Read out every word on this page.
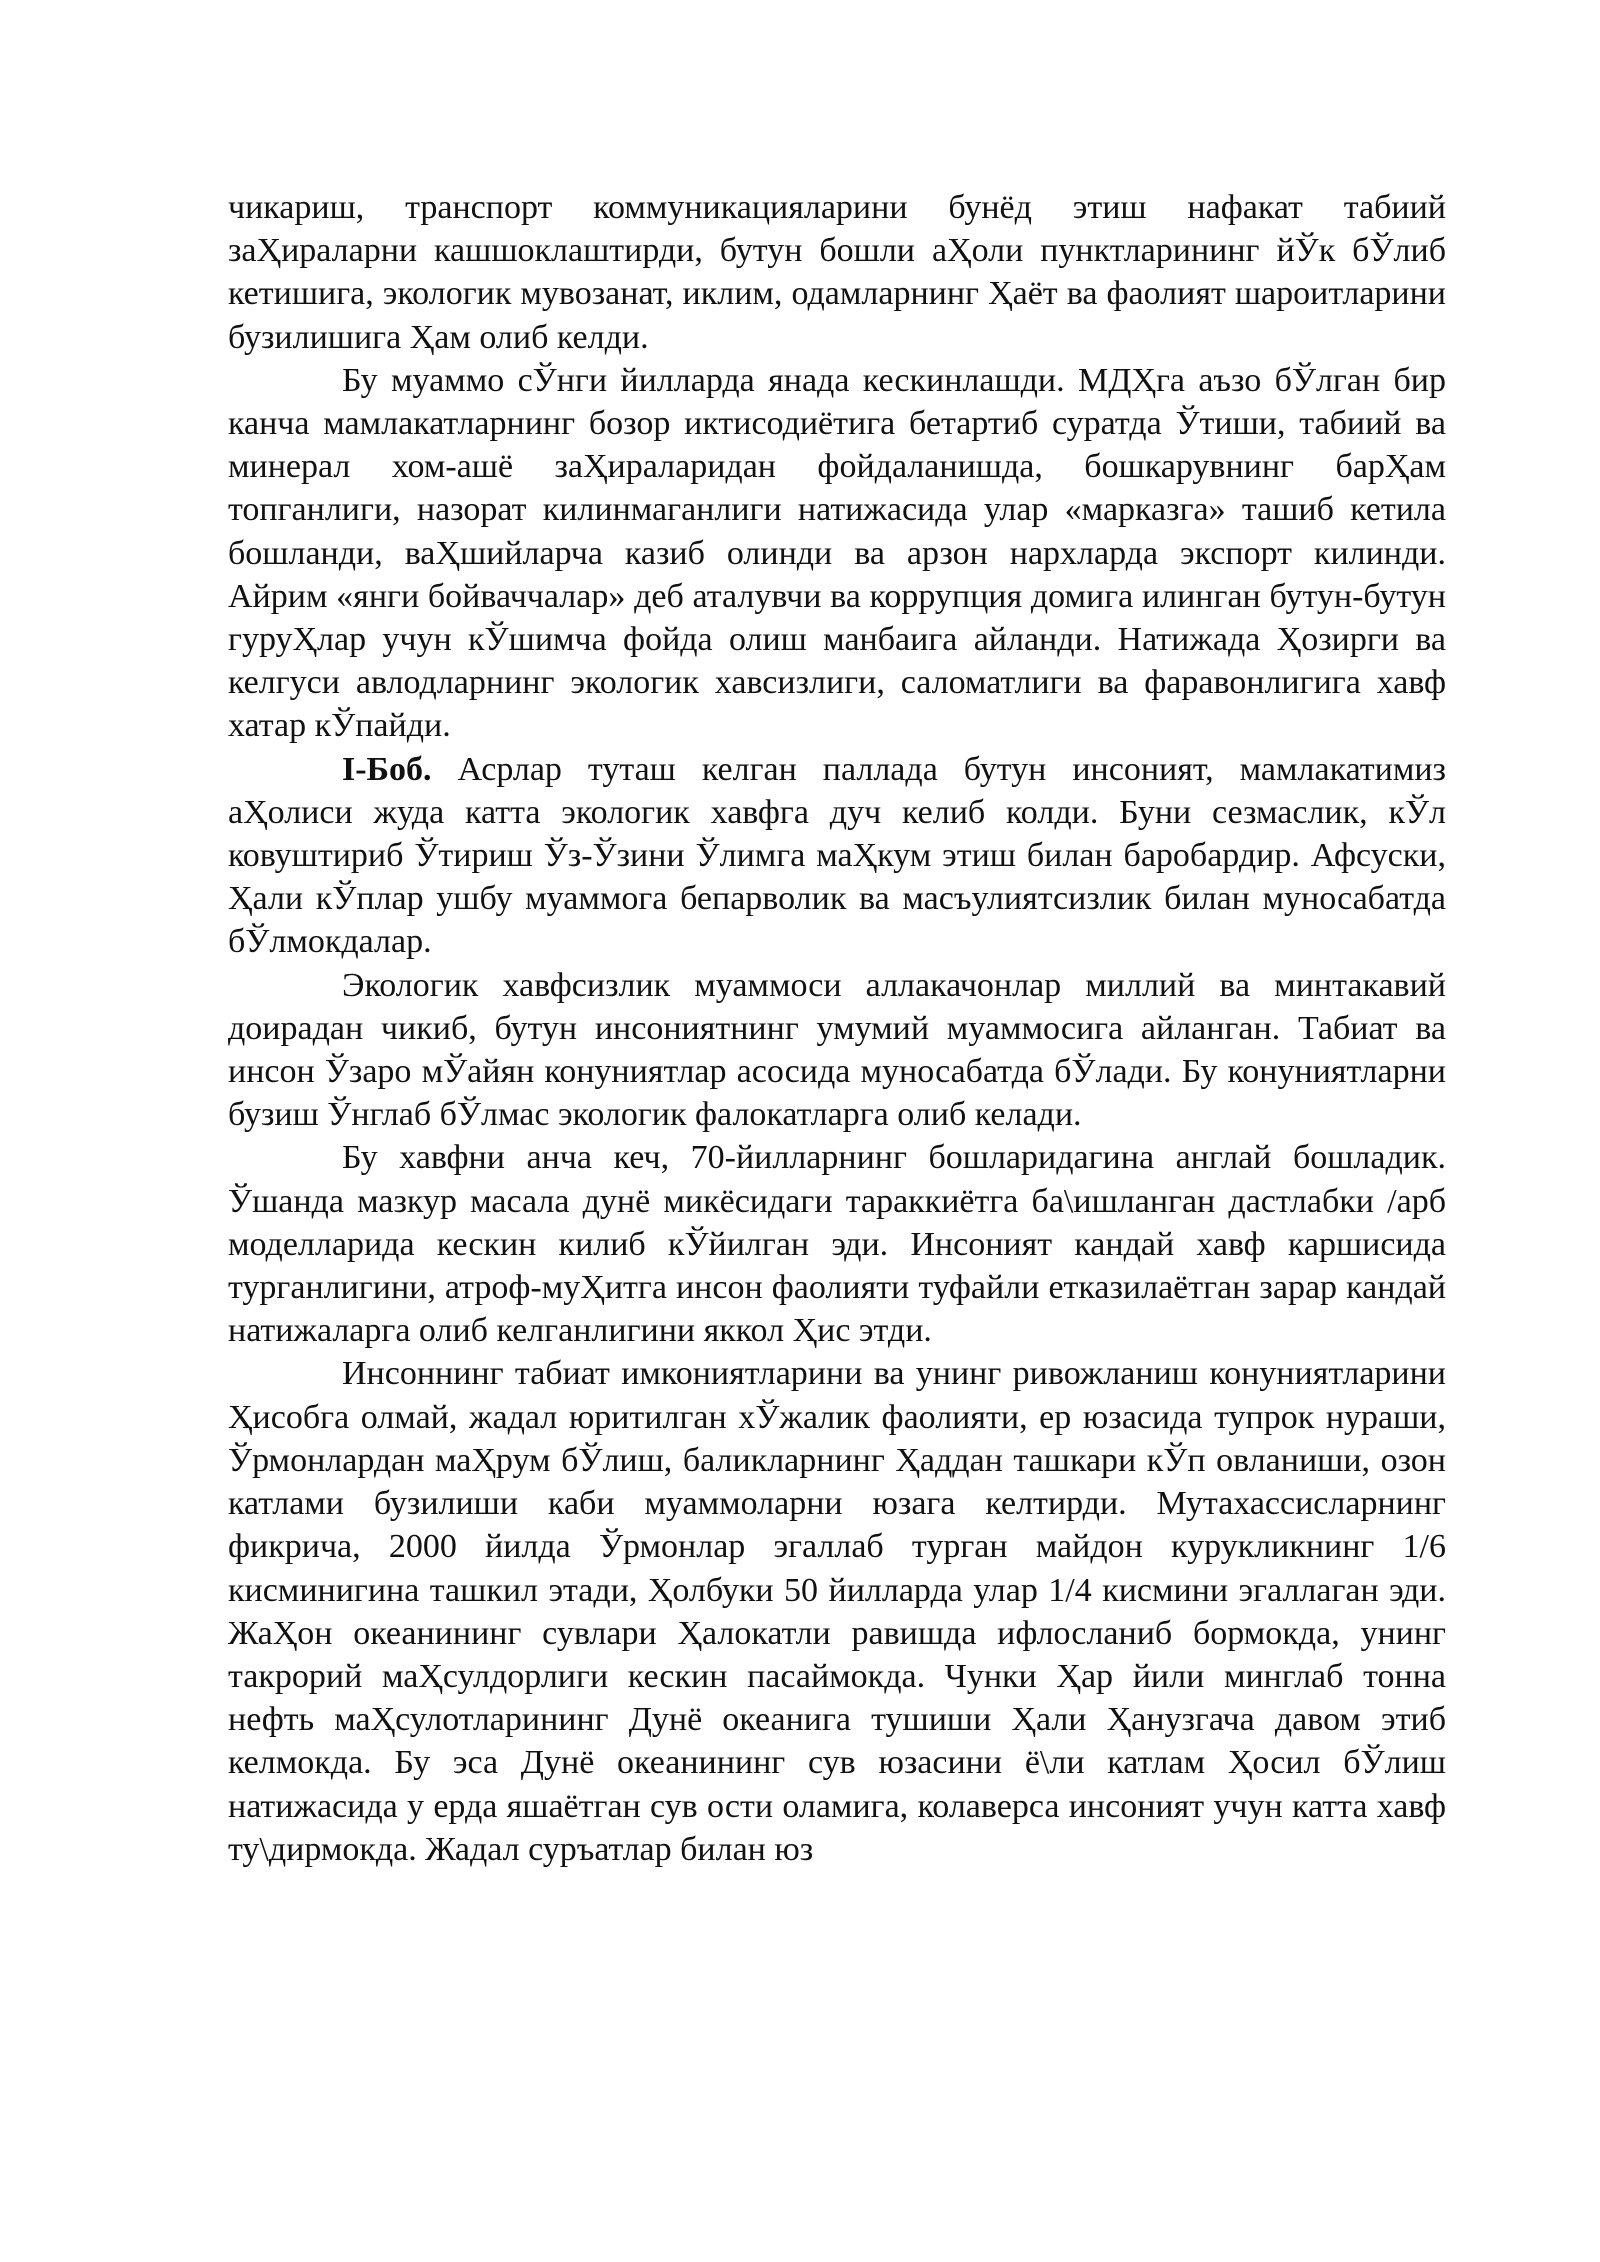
чикариш, транспорт коммуникацияларини бунёд этиш нафакат табиий заҲираларни кашшоклаштирди, бутун бошли аҲоли пунктларининг йЎк бЎлиб кетишига, экологик мувозанат, иклим, одамларнинг Ҳаёт ва фаолият шароитларини бузилишига Ҳам олиб келди.

Бу муаммо сЎнги йилларда янада кескинлашди. МДҲга аъзо бЎлган бир канча мамлакатларнинг бозор иктисодиётига бетартиб суратда Ўтиши, табиий ва минерал хом-ашё заҲираларидан фойдаланишда, бошкарувнинг барҲам топганлиги, назорат килинмаганлиги натижасида улар «марказга» ташиб кетила бошланди, ваҲшийларча казиб олинди ва арзон нархларда экспорт килинди. Айрим «янги бойваччалар» деб аталувчи ва коррупция домига илинган бутун-бутун гуруҲлар учун кЎшимча фойда олиш манбаига айланди. Натижада Ҳозирги ва келгуси авлодларнинг экологик хавсизлиги, саломатлиги ва фаравонлигига хавф хатар кЎпайди.

I-Боб. Асрлар туташ келган паллада бутун инсоният, мамлакатимиз аҲолиси жуда катта экологик хавфга дуч келиб колди. Буни сезмаслик, кЎл ковуштириб Ўтириш Ўз-Ўзини Ўлимга маҲкум этиш билан баробардир. Афсуски, Ҳали кЎплар ушбу муаммога бепарволик ва масъулиятсизлик билан муносабатда бЎлмокдалар.

Экологик хавфсизлик муаммоси аллакачонлар миллий ва минтакавий доирадан чикиб, бутун инсониятнинг умумий муаммосига айланган. Табиат ва инсон Ўзаро мЎайян конуниятлар асосида муносабатда бЎлади. Бу конуниятларни бузиш Ўнглаб бЎлмас экологик фалокатларга олиб келади.

Бу хавфни анча кеч, 70-йилларнинг бошларидагина англай бошладик. Ўшанда мазкур масала дунё микёсидаги тараккиётга ба\ишланган дастлабки /арб моделларида кескин килиб кЎйилган эди. Инсоният кандай хавф каршисида турганлигини, атроф-муҲитга инсон фаолияти туфайли етказилаётган зарар кандай натижаларга олиб келганлигини яккол Ҳис этди.

Инсоннинг табиат имкониятларини ва унинг ривожланиш конуниятларини Ҳисобга олмай, жадал юритилган хЎжалик фаолияти, ер юзасида тупрок нураши, Ўрмонлардан маҲрум бЎлиш, баликларнинг Ҳаддан ташкари кЎп овланиши, озон катлами бузилиши каби муаммоларни юзага келтирди. Мутахассисларнинг фикрича, 2000 йилда Ўрмонлар эгаллаб турган майдон курукликнинг 1/6 кисминигина ташкил этади, Ҳолбуки 50 йилларда улар 1/4 кисмини эгаллаган эди. ЖаҲон океанининг сувлари Ҳалокатли равишда ифлосланиб бормокда, унинг такрорий маҲсулдорлиги кескин пасаймокда. Чунки Ҳар йили минглаб тонна нефть маҲсулотларининг Дунё океанига тушиши Ҳали Ҳанузгача давом этиб келмокда. Бу эса Дунё океанининг сув юзасини ё\ли катлам Ҳосил бЎлиш натижасида у ерда яшаётган сув ости оламига, колаверса инсоният учун катта хавф ту\дирмокда. Жадал суръатлар билан юз
